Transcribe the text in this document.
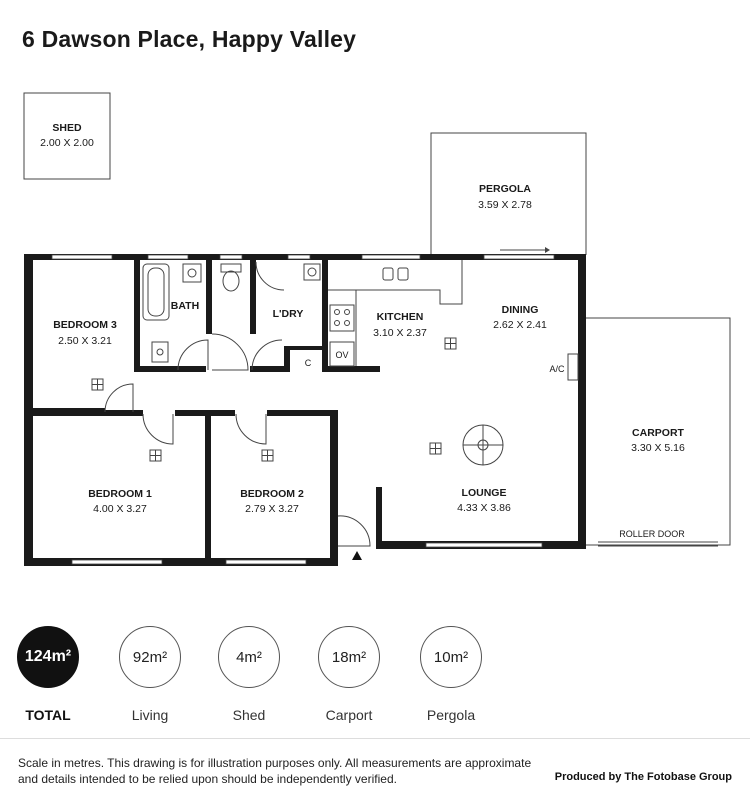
6 Dawson Place, Happy Valley
SHED
2.00 X 2.00
PERGOLA
3.59 X 2.78
BEDROOM 3
2.50 X 3.21
BATH
L'DRY	KITCHEN
3.10 X 2.37
DINING
2.62 X 2.41
A/C
OV
C
BEDROOM 1
4.00 X 3.27
BEDROOM 2
2.79 X 3.27
LOUNGE
4.33 X 3.86
CARPORT
3.30 X 5.16
ROLLER DOOR
124m²
TOTAL
92m²
Living
4m²
Shed
18m²
Carport
10m²
Pergola
Scale in metres. This drawing is for illustration purposes only. All measurements are approximate and details intended to be relied upon should be independently verified.	Produced by The Fotobase Group
